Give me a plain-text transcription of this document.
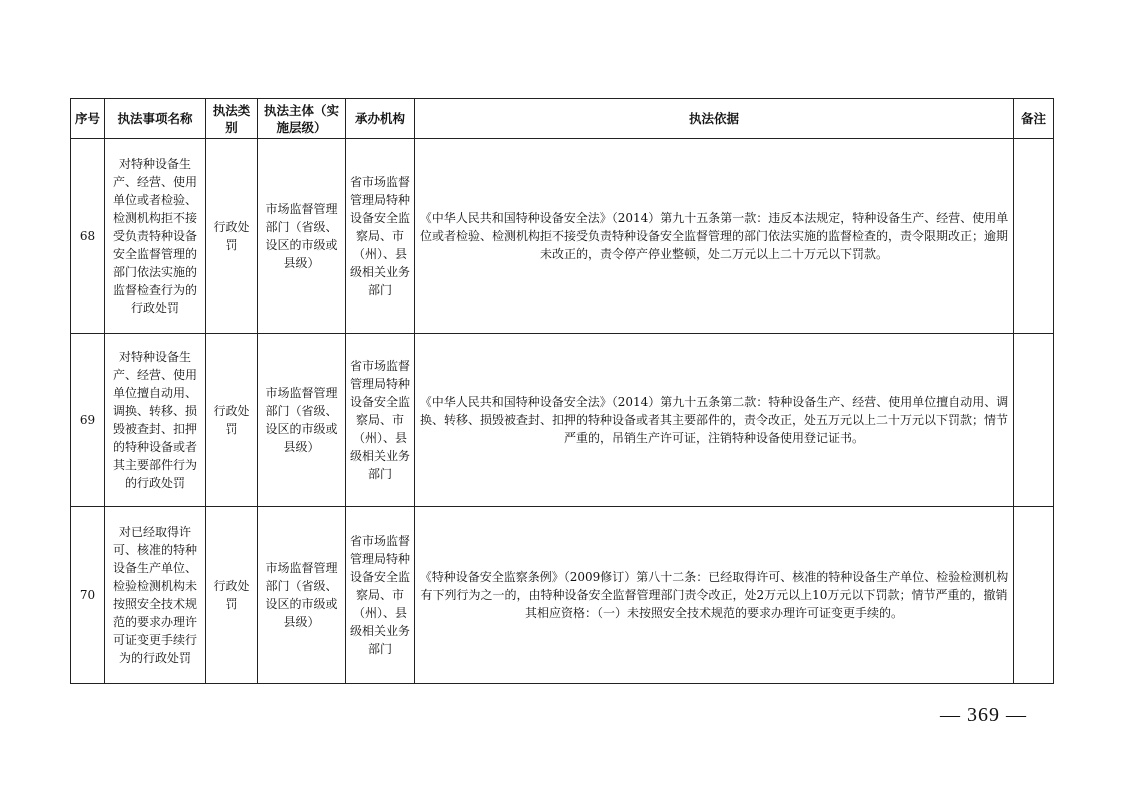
序号	执法事项名称	执法类别	执法主体（实施层级）	承办机构	执法依据	备注
68	对特种设备生产、经营、使用单位或者检验、检测机构拒不接受负责特种设备安全监督管理的部门依法实施的监督检查行为的行政处罚	行政处罚	市场监督管理部门（省级、设区的市级或县级）	省市场监督管理局特种设备安全监察局、市（州）、县级相关业务部门	《中华人民共和国特种设备安全法》（2014）第九十五条第一款：违反本法规定，特种设备生产、经营、使用单位或者检验、检测机构拒不接受负责特种设备安全监督管理的部门依法实施的监督检查的，责令限期改正；逾期未改正的，责令停产停业整顿，处二万元以上二十万元以下罚款。	
69	对特种设备生产、经营、使用单位擅自动用、调换、转移、损毁被查封、扣押的特种设备或者其主要部件行为的行政处罚	行政处罚	市场监督管理部门（省级、设区的市级或县级）	省市场监督管理局特种设备安全监察局、市（州）、县级相关业务部门	《中华人民共和国特种设备安全法》（2014）第九十五条第二款：特种设备生产、经营、使用单位擅自动用、调换、转移、损毁被查封、扣押的特种设备或者其主要部件的，责令改正，处五万元以上二十万元以下罚款；情节严重的，吊销生产许可证，注销特种设备使用登记证书。	
70	对已经取得许可、核准的特种设备生产单位、检验检测机构未按照安全技术规范的要求办理许可证变更手续行为的行政处罚	行政处罚	市场监督管理部门（省级、设区的市级或县级）	省市场监督管理局特种设备安全监察局、市（州）、县级相关业务部门	《特种设备安全监察条例》（2009修订）第八十二条：已经取得许可、核准的特种设备生产单位、检验检测机构有下列行为之一的，由特种设备安全监督管理部门责令改正，处2万元以上10万元以下罚款；情节严重的，撤销其相应资格：（一）未按照安全技术规范的要求办理许可证变更手续的。	
— 369 —
